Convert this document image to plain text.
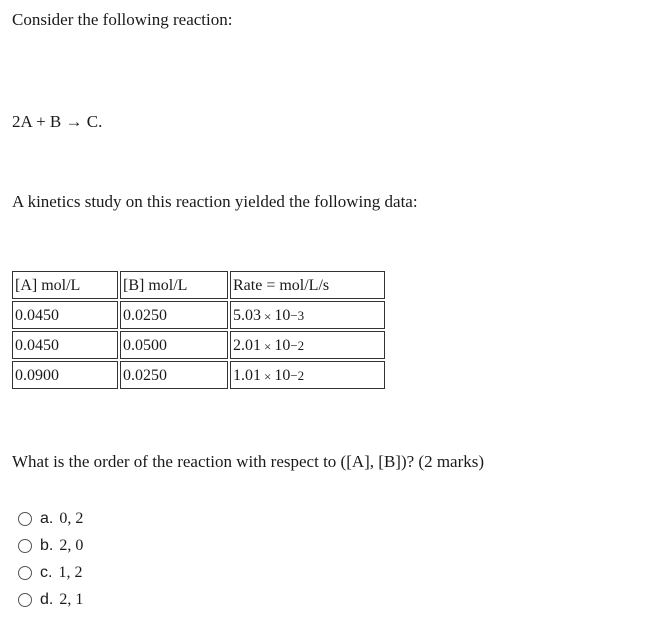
Consider the following reaction:

2A + B → C.

A kinetics study on this reaction yielded the following data:

[A] mol/L	[B] mol/L	Rate = mol/L/s

0.0450	0.0250	5.03 × 10 −3

0.0450	0.0500	2.01 × 10 −2

0.0900	0.0250	1.01 × 10 −2

What is the order of the reaction with respect to ([A], [B])? (2 marks)

a. 0, 2
b. 2, 0
c. 1, 2
d. 2, 1
